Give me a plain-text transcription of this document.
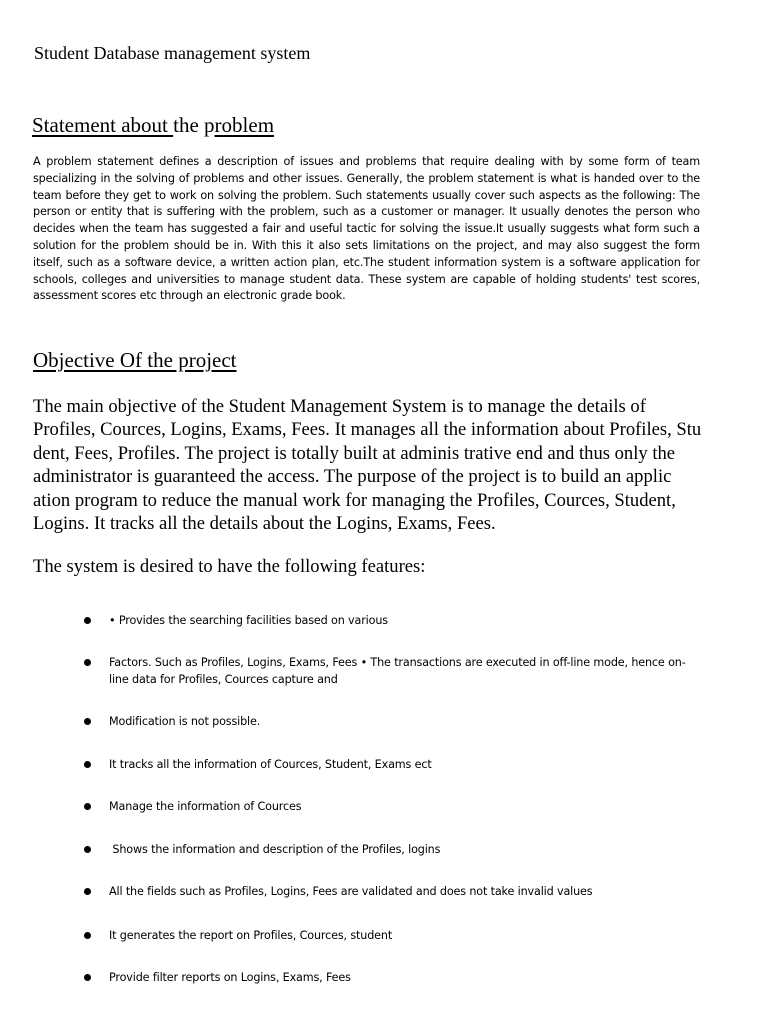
Student Database management system
Statement about the problem
A problem statement defines a description of issues and problems that require dealing with by some form of team specializing in the solving of problems and other issues. Generally, the problem statement is what is handed over to the team before they get to work on solving the problem. Such statements usually cover such aspects as the following: The person or entity that is suffering with the problem, such as a customer or manager. It usually denotes the person who decides when the team has suggested a fair and useful tactic for solving the issue.It usually suggests what form such a solution for the problem should be in. With this it also sets limitations on the project, and may also suggest the form itself, such as a software device, a written action plan, etc.The student information system is a software application for schools, colleges and universities to manage student data. These system are capable of holding students' test scores, assessment scores etc through an electronic grade book.
Objective Of the project
The main objective of the Student Management System is to manage the details of Profiles, Cources, Logins, Exams, Fees. It manages all the information about Profiles, Stu dent, Fees, Profiles. The project is totally built at adminis trative end and thus only the administrator is guaranteed the access. The purpose of the project is to build an applic ation program to reduce the manual work for managing the Profiles, Cources, Student, Logins. It tracks all the details about the Logins, Exams, Fees.
The system is desired to have the following features:
• Provides the searching facilities based on various
Factors. Such as Profiles, Logins, Exams, Fees • The transactions are executed in off-line mode, hence on-line data for Profiles, Cources capture and
Modification is not possible.
It tracks all the information of Cources, Student, Exams ect
Manage the information of Cources
Shows the information and description of the Profiles, logins
All the fields such as Profiles, Logins, Fees are validated and does not take invalid values
It generates the report on Profiles, Cources, student
Provide filter reports on Logins, Exams, Fees
